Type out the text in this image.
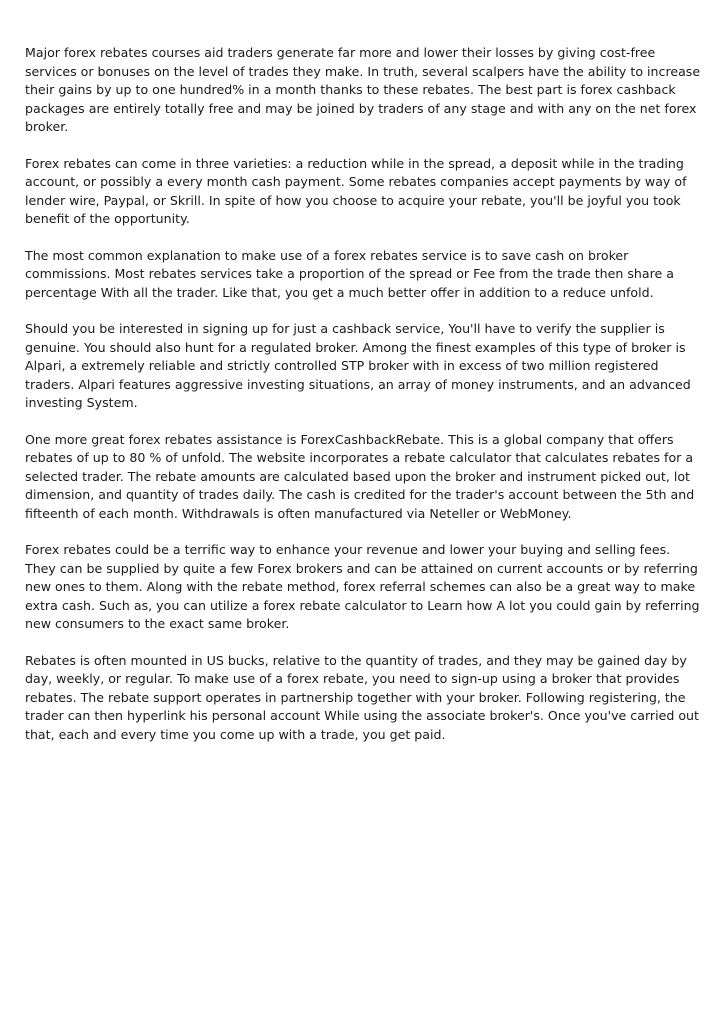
Major forex rebates courses aid traders generate far more and lower their losses by giving cost-free services or bonuses on the level of trades they make. In truth, several scalpers have the ability to increase their gains by up to one hundred% in a month thanks to these rebates. The best part is forex cashback packages are entirely totally free and may be joined by traders of any stage and with any on the net forex broker.

Forex rebates can come in three varieties: a reduction while in the spread, a deposit while in the trading account, or possibly a every month cash payment. Some rebates companies accept payments by way of lender wire, Paypal, or Skrill. In spite of how you choose to acquire your rebate, you'll be joyful you took benefit of the opportunity.

The most common explanation to make use of a forex rebates service is to save cash on broker commissions. Most rebates services take a proportion of the spread or Fee from the trade then share a percentage With all the trader. Like that, you get a much better offer in addition to a reduce unfold.

Should you be interested in signing up for just a cashback service, You'll have to verify the supplier is genuine. You should also hunt for a regulated broker. Among the finest examples of this type of broker is Alpari, a extremely reliable and strictly controlled STP broker with in excess of two million registered traders. Alpari features aggressive investing situations, an array of money instruments, and an advanced investing System.

One more great forex rebates assistance is ForexCashbackRebate. This is a global company that offers rebates of up to 80 % of unfold. The website incorporates a rebate calculator that calculates rebates for a selected trader. The rebate amounts are calculated based upon the broker and instrument picked out, lot dimension, and quantity of trades daily. The cash is credited for the trader's account between the 5th and fifteenth of each month. Withdrawals is often manufactured via Neteller or WebMoney.

Forex rebates could be a terrific way to enhance your revenue and lower your buying and selling fees. They can be supplied by quite a few Forex brokers and can be attained on current accounts or by referring new ones to them. Along with the rebate method, forex referral schemes can also be a great way to make extra cash. Such as, you can utilize a forex rebate calculator to Learn how A lot you could gain by referring new consumers to the exact same broker.

Rebates is often mounted in US bucks, relative to the quantity of trades, and they may be gained day by day, weekly, or regular. To make use of a forex rebate, you need to sign-up using a broker that provides rebates. The rebate support operates in partnership together with your broker. Following registering, the trader can then hyperlink his personal account While using the associate broker's. Once you've carried out that, each and every time you come up with a trade, you get paid.
